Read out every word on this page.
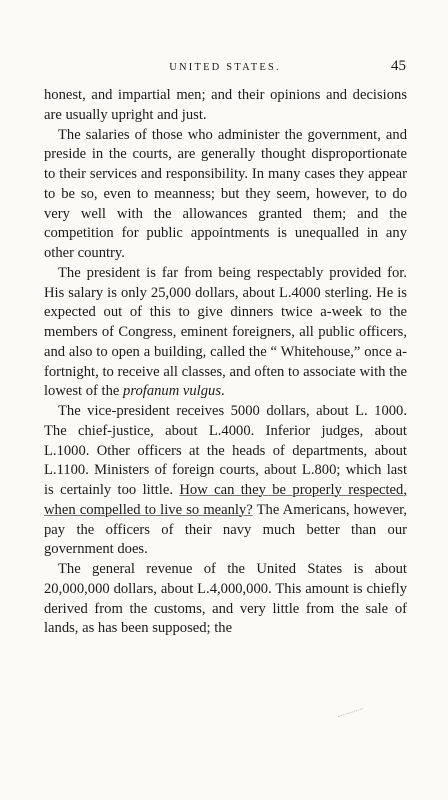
UNITED STATES.	45

honest, and impartial men; and their opinions and decisions are usually upright and just.

The salaries of those who administer the government, and preside in the courts, are generally thought disproportionate to their services and responsibility. In many cases they appear to be so, even to meanness; but they seem, however, to do very well with the allowances granted them; and the competition for public appointments is unequalled in any other country.

The president is far from being respectably provided for. His salary is only 25,000 dollars, about L.4000 sterling. He is expected out of this to give dinners twice a-week to the members of Congress, eminent foreigners, all public officers, and also to open a building, called the “ Whitehouse,” once a-fortnight, to receive all classes, and often to associate with the lowest of the profanum vulgus.

The vice-president receives 5000 dollars, about L. 1000. The chief-justice, about L.4000. Inferior judges, about L.1000. Other officers at the heads of departments, about L.1100. Ministers of foreign courts, about L.800; which last is certainly too little. How can they be properly respected, when compelled to live so meanly? The Americans, however, pay the officers of their navy much better than our government does.

The general revenue of the United States is about 20,000,000 dollars, about L.4,000,000. This amount is chiefly derived from the customs, and very little from the sale of lands, as has been supposed; the
